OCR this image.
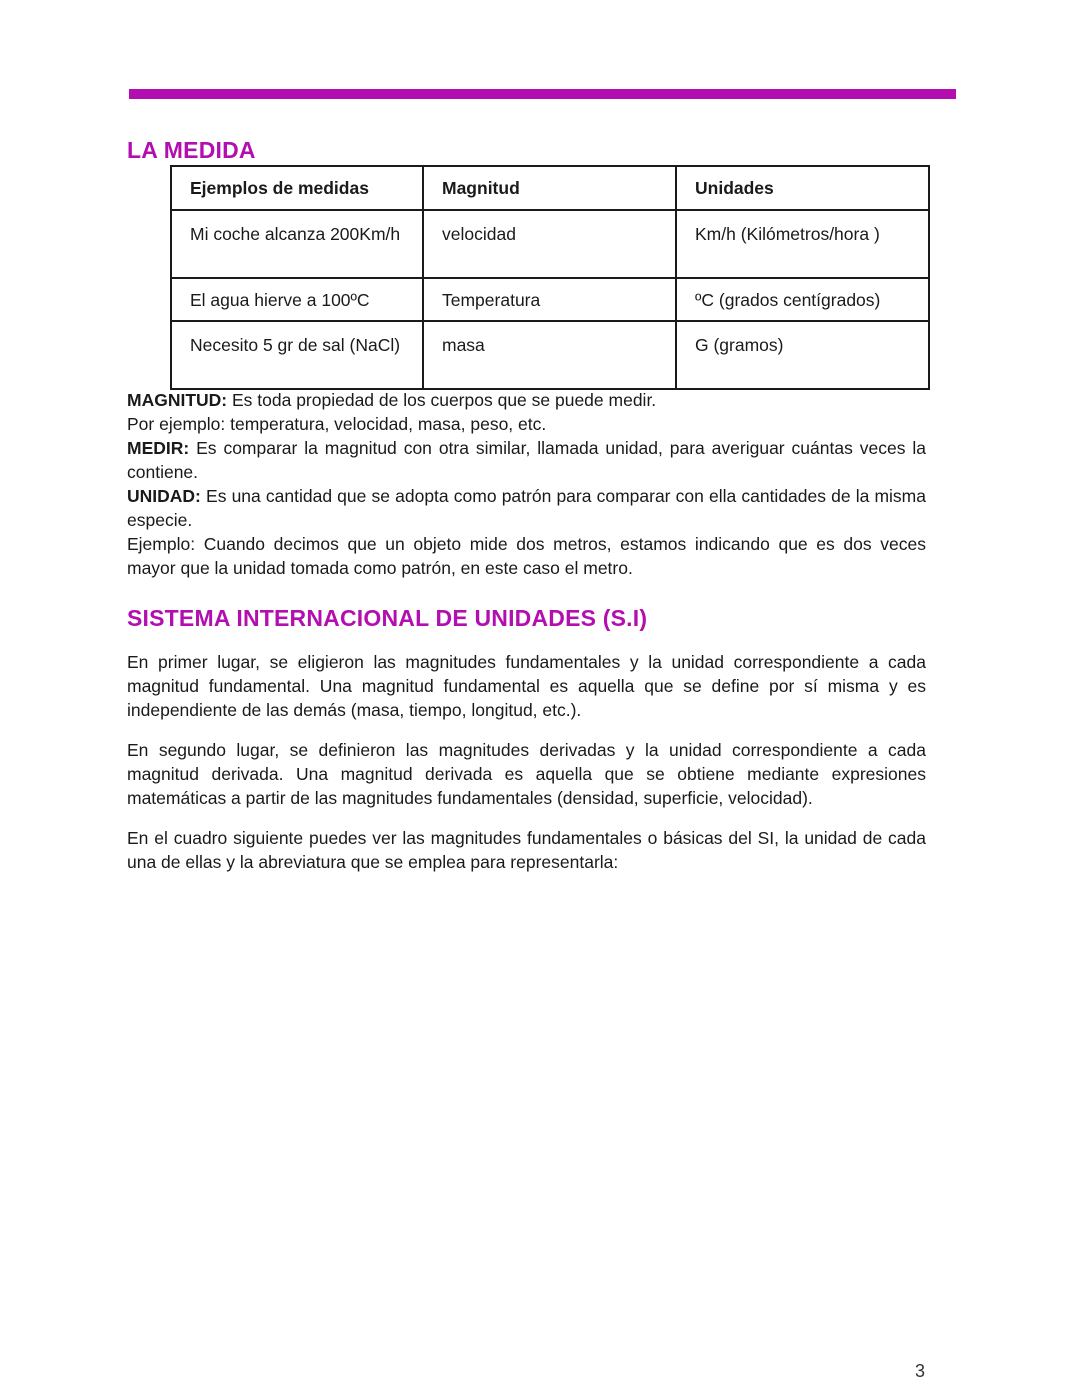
LA MEDIDA
Ejemplos de medidas	Magnitud	Unidades
Mi coche alcanza 200Km/h	velocidad	Km/h (Kilómetros/hora )
El agua hierve a 100ºC	Temperatura	ºC (grados centígrados)
Necesito 5 gr de sal (NaCl)	masa	G (gramos)

MAGNITUD: Es toda propiedad de los cuerpos que se puede medir.

Por ejemplo: temperatura, velocidad, masa, peso, etc.

MEDIR: Es comparar la magnitud con otra similar, llamada unidad, para averiguar cuántas veces la contiene.

UNIDAD: Es una cantidad que se adopta como patrón para comparar con ella cantidades de la misma especie.

Ejemplo: Cuando decimos que un objeto mide dos metros, estamos indicando que es dos veces mayor que la unidad tomada como patrón, en este caso el metro.

SISTEMA INTERNACIONAL DE UNIDADES (S.I)

En primer lugar, se eligieron las magnitudes fundamentales y la unidad correspondiente a cada magnitud fundamental. Una magnitud fundamental es aquella que se define por sí misma y es independiente de las demás (masa, tiempo, longitud, etc.).

En segundo lugar, se definieron las magnitudes derivadas y la unidad correspondiente a cada magnitud derivada. Una magnitud derivada es aquella que se obtiene mediante expresiones matemáticas a partir de las magnitudes fundamentales (densidad, superficie, velocidad).

En el cuadro siguiente puedes ver las magnitudes fundamentales o básicas del SI, la unidad de cada una de ellas y la abreviatura que se emplea para representarla:

3
